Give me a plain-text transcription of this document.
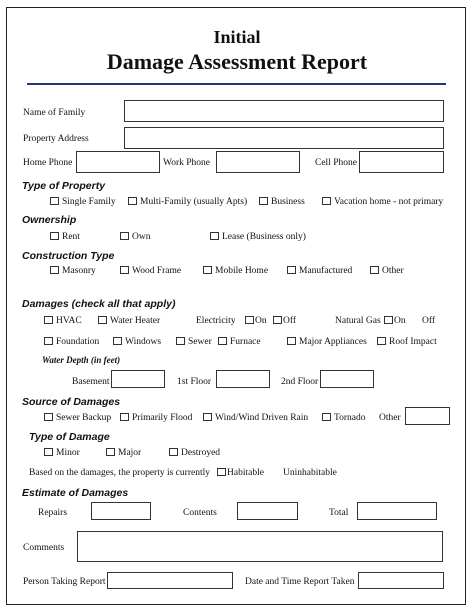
Initial
Damage Assessment Report
Name of Family
Property Address
Home Phone	Work Phone	Cell Phone
Type of Property
Single Family	Multi-Family (usually Apts)	Business	Vacation home - not primary
Ownership
Rent	Own	Lease (Business only)
Construction Type
Masonry	Wood Frame	Mobile Home	Manufactured	Other
Damages (check all that apply)
HVAC	Water Heater	Electricity On Off	Natural Gas On Off
Foundation	Windows	Sewer Furnace	Major Appliances Roof Impact
Water Depth (in feet)
Basement	1st Floor	2nd Floor
Source of Damages
Sewer Backup Primarily Flood Wind/Wind Driven Rain	Tornado Other
Type of Damage
Minor	Major	Destroyed
Based on the damages, the property is currently Habitable Uninhabitable
Estimate of Damages
Repairs	Contents	Total
Comments
Person Taking Report	Date and Time Report Taken
